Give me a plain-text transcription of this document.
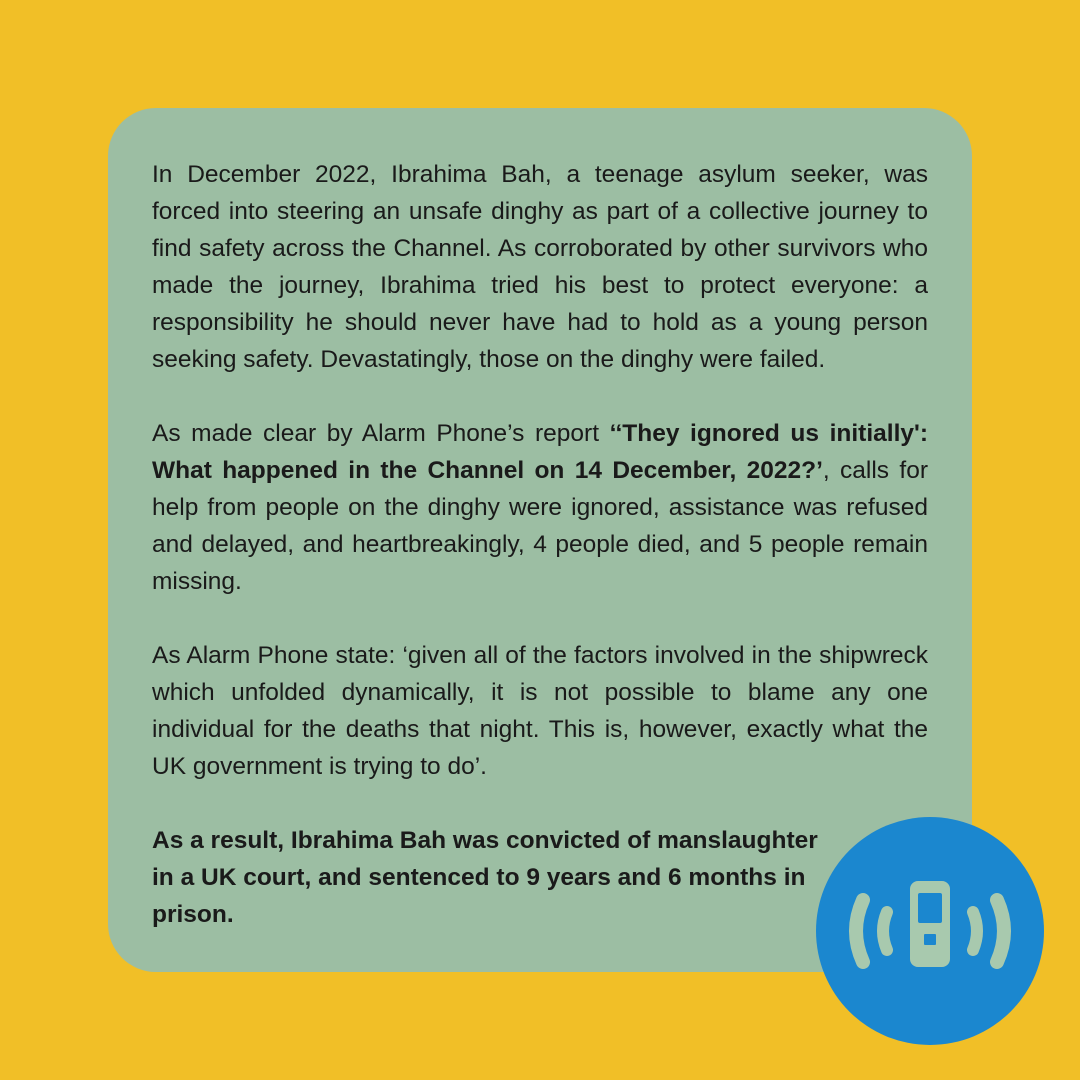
In December 2022, Ibrahima Bah, a teenage asylum seeker, was forced into steering an unsafe dinghy as part of a collective journey to find safety across the Channel. As corroborated by other survivors who made the journey, Ibrahima tried his best to protect everyone: a responsibility he should never have had to hold as a young person seeking safety. Devastatingly, those on the dinghy were failed.

As made clear by Alarm Phone’s report ‘‘They ignored us initially': What happened in the Channel on 14 December, 2022?’, calls for help from people on the dinghy were ignored, assistance was refused and delayed, and heartbreakingly, 4 people died, and 5 people remain missing.

As Alarm Phone state: ‘given all of the factors involved in the shipwreck which unfolded dynamically, it is not possible to blame any one individual for the deaths that night. This is, however, exactly what the UK government is trying to do’.

As a result, Ibrahima Bah was convicted of manslaughter in a UK court, and sentenced to 9 years and 6 months in prison.
